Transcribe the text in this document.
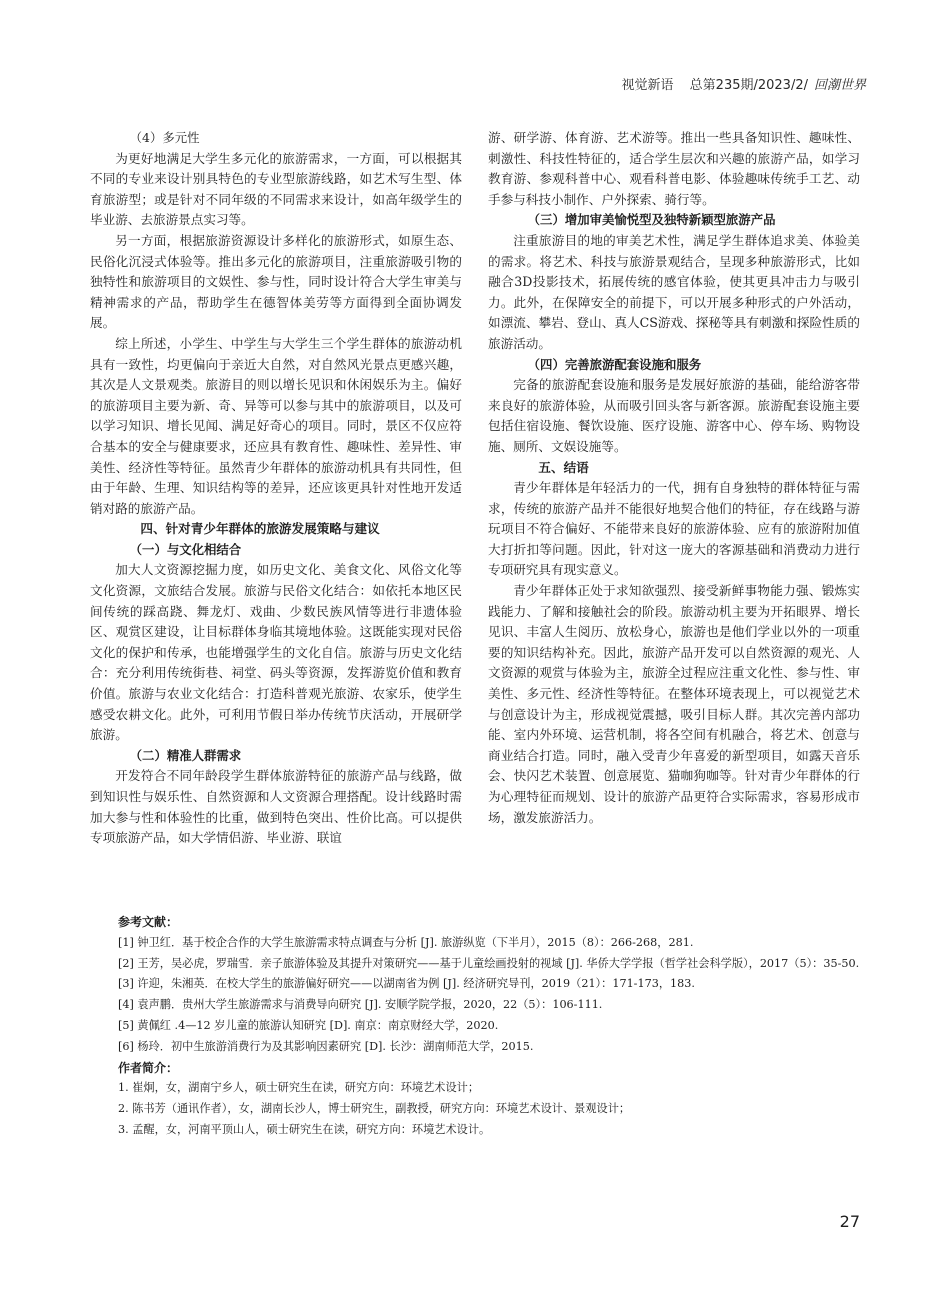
视觉新语 总第235期/2023/2/ 回潮世界

（4）多元性

为更好地满足大学生多元化的旅游需求，一方面，可以根据其不同的专业来设计别具特色的专业型旅游线路，如艺术写生型、体育旅游型；或是针对不同年级的不同需求来设计，如高年级学生的毕业游、去旅游景点实习等。

另一方面，根据旅游资源设计多样化的旅游形式，如原生态、民俗化沉浸式体验等。推出多元化的旅游项目，注重旅游吸引物的独特性和旅游项目的文娱性、参与性，同时设计符合大学生审美与精神需求的产品，帮助学生在德智体美劳等方面得到全面协调发展。

综上所述，小学生、中学生与大学生三个学生群体的旅游动机具有一致性，均更偏向于亲近大自然，对自然风光景点更感兴趣，其次是人文景观类。旅游目的则以增长见识和休闲娱乐为主。偏好的旅游项目主要为新、奇、异等可以参与其中的旅游项目，以及可以学习知识、增长见闻、满足好奇心的项目。同时，景区不仅应符合基本的安全与健康要求，还应具有教育性、趣味性、差异性、审美性、经济性等特征。虽然青少年群体的旅游动机具有共同性，但由于年龄、生理、知识结构等的差异，还应该更具针对性地开发适销对路的旅游产品。

四、针对青少年群体的旅游发展策略与建议

（一）与文化相结合

加大人文资源挖掘力度，如历史文化、美食文化、风俗文化等文化资源，文旅结合发展。旅游与民俗文化结合：如依托本地区民间传统的踩高跷、舞龙灯、戏曲、少数民族风情等进行非遗体验区、观赏区建设，让目标群体身临其境地体验。这既能实现对民俗文化的保护和传承，也能增强学生的文化自信。旅游与历史文化结合：充分利用传统街巷、祠堂、码头等资源，发挥游览价值和教育价值。旅游与农业文化结合：打造科普观光旅游、农家乐，使学生感受农耕文化。此外，可利用节假日举办传统节庆活动，开展研学旅游。

（二）精准人群需求

开发符合不同年龄段学生群体旅游特征的旅游产品与线路，做到知识性与娱乐性、自然资源和人文资源合理搭配。设计线路时需加大参与性和体验性的比重，做到特色突出、性价比高。可以提供专项旅游产品，如大学情侣游、毕业游、联谊

游、研学游、体育游、艺术游等。推出一些具备知识性、趣味性、刺激性、科技性特征的，适合学生层次和兴趣的旅游产品，如学习教育游、参观科普中心、观看科普电影、体验趣味传统手工艺、动手参与科技小制作、户外探索、骑行等。

（三）增加审美愉悦型及独特新颖型旅游产品

注重旅游目的地的审美艺术性，满足学生群体追求美、体验美的需求。将艺术、科技与旅游景观结合，呈现多种旅游形式，比如融合3D投影技术，拓展传统的感官体验，使其更具冲击力与吸引力。此外，在保障安全的前提下，可以开展多种形式的户外活动，如漂流、攀岩、登山、真人CS游戏、探秘等具有刺激和探险性质的旅游活动。

（四）完善旅游配套设施和服务

完备的旅游配套设施和服务是发展好旅游的基础，能给游客带来良好的旅游体验，从而吸引回头客与新客源。旅游配套设施主要包括住宿设施、餐饮设施、医疗设施、游客中心、停车场、购物设施、厕所、文娱设施等。

五、结语

青少年群体是年轻活力的一代，拥有自身独特的群体特征与需求，传统的旅游产品并不能很好地契合他们的特征，存在线路与游玩项目不符合偏好、不能带来良好的旅游体验、应有的旅游附加值大打折扣等问题。因此，针对这一庞大的客源基础和消费动力进行专项研究具有现实意义。

青少年群体正处于求知欲强烈、接受新鲜事物能力强、锻炼实践能力、了解和接触社会的阶段。旅游动机主要为开拓眼界、增长见识、丰富人生阅历、放松身心，旅游也是他们学业以外的一项重要的知识结构补充。因此，旅游产品开发可以自然资源的观光、人文资源的观赏与体验为主，旅游全过程应注重文化性、参与性、审美性、多元性、经济性等特征。在整体环境表现上，可以视觉艺术与创意设计为主，形成视觉震撼，吸引目标人群。其次完善内部功能、室内外环境、运营机制，将各空间有机融合，将艺术、创意与商业结合打造。同时，融入受青少年喜爱的新型项目，如露天音乐会、快闪艺术装置、创意展览、猫咖狗咖等。针对青少年群体的行为心理特征而规划、设计的旅游产品更符合实际需求，容易形成市场，激发旅游活力。

参考文献：

[1] 钟卫红．基于校企合作的大学生旅游需求特点调查与分析 [J]. 旅游纵览（下半月），2015（8）：266-268，281.

[2] 王芳，吴必虎，罗瑞雪．亲子旅游体验及其提升对策研究——基于儿童绘画投射的视域 [J]. 华侨大学学报（哲学社会科学版），2017（5）：35-50.

[3] 许迎，朱湘英．在校大学生的旅游偏好研究——以湖南省为例 [J]. 经济研究导刊，2019（21）：171-173，183.

[4] 袁声鹏．贵州大学生旅游需求与消费导向研究 [J]. 安顺学院学报，2020，22（5）：106-111.

[5] 黄佩红 .4—12 岁儿童的旅游认知研究 [D]. 南京：南京财经大学，2020.

[6] 杨玲．初中生旅游消费行为及其影响因素研究 [D]. 长沙：湖南师范大学，2015.

作者简介：

1. 崔炯，女，湖南宁乡人，硕士研究生在读，研究方向：环境艺术设计；

2. 陈书芳（通讯作者），女，湖南长沙人，博士研究生，副教授，研究方向：环境艺术设计、景观设计；

3. 孟醒，女，河南平顶山人，硕士研究生在读，研究方向：环境艺术设计。

27
